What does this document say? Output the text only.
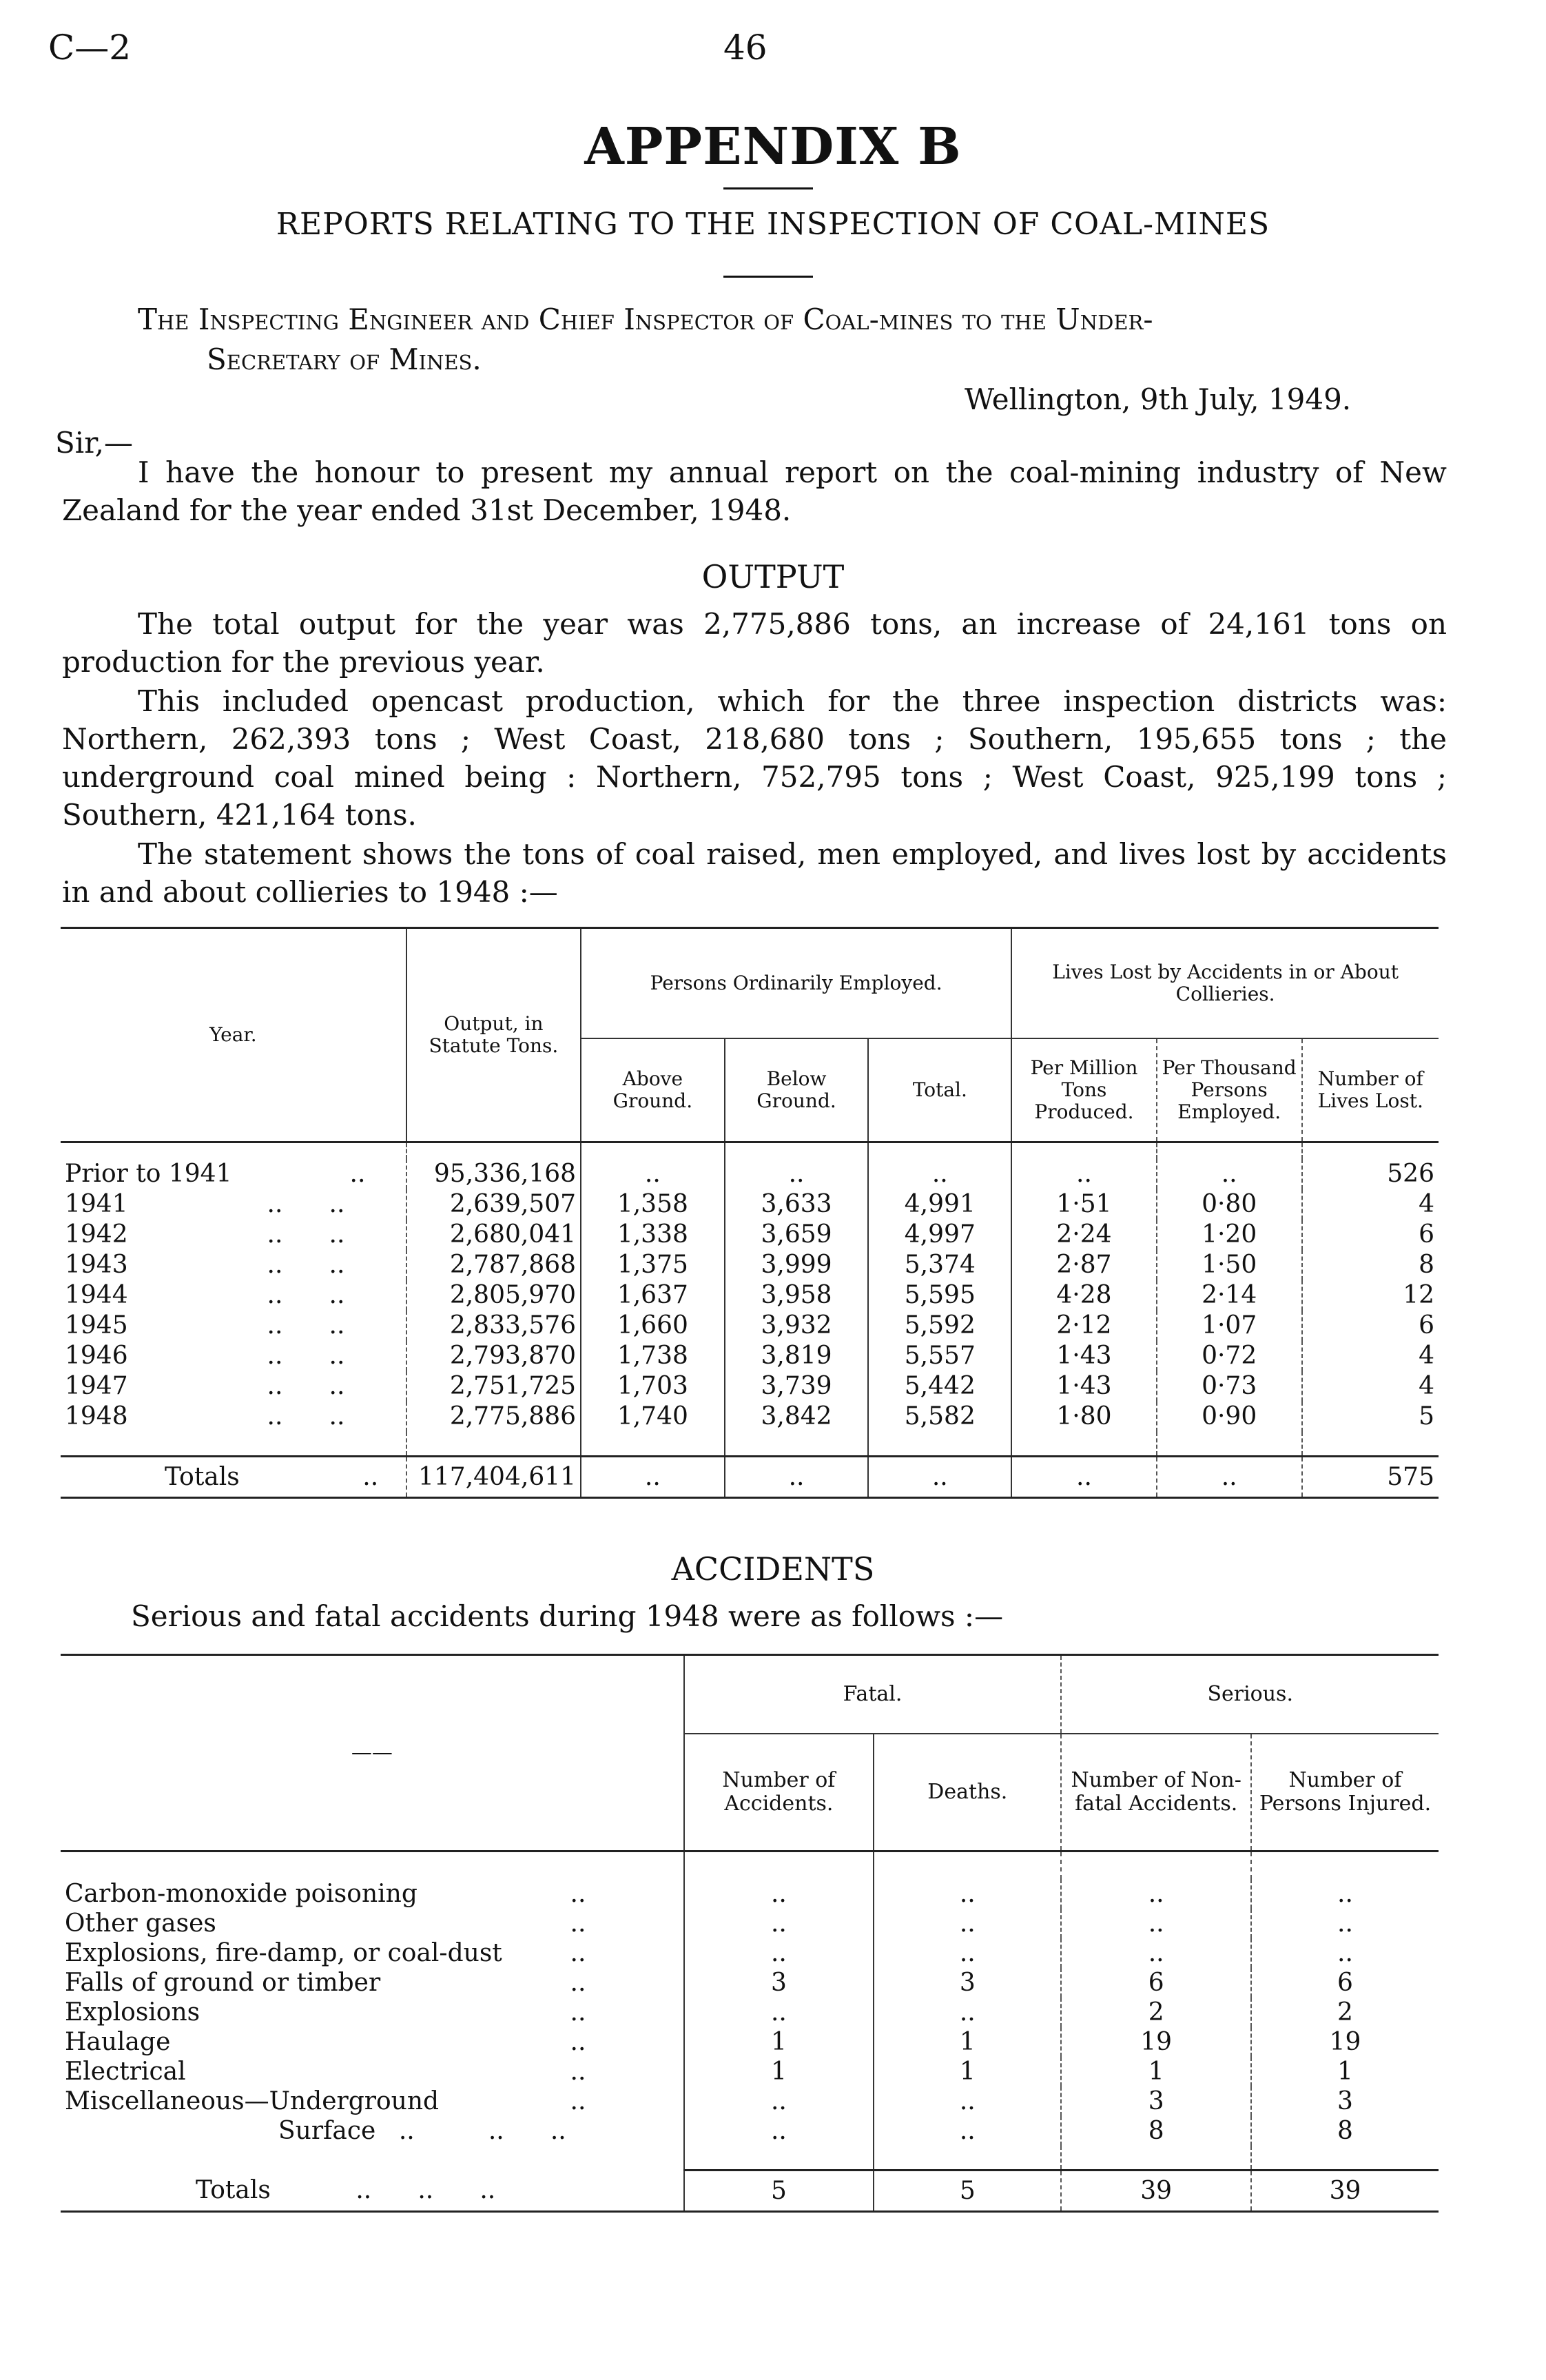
C—2	46
APPENDIX B
REPORTS RELATING TO THE INSPECTION OF COAL-MINES
The Inspecting Engineer and Chief Inspector of Coal-mines to the Under-

Secretary of Mines.
Wellington, 9th July, 1949.
Sir,—
I have the honour to present my annual report on the coal-mining industry of New Zealand for the year ended 31st December, 1948.
OUTPUT
The total output for the year was 2,775,886 tons, an increase of 24,161 tons on production for the previous year.
This included opencast production, which for the three inspection districts was: Northern, 262,393 tons ; West Coast, 218,680 tons ; Southern, 195,655 tons ; the underground coal mined being : Northern, 752,795 tons ; West Coast, 925,199 tons ; Southern, 421,164 tons.
The statement shows the tons of coal raised, men employed, and lives lost by accidents in and about collieries to 1948 :—
Year.	Output, in Statute Tons.	Persons Ordinarily Employed.			Lives Lost by Accidents in or About Collieries.		
		Above Ground.	Below Ground.	Total.	Per Million Tons Produced.	Per Thousand Persons Employed.	Number of Lives Lost.

Prior to 1941 ..	95,336,168	..	..	..	..	..	526
1941 .. ..	2,639,507	1,358	3,633	4,991	1·51	0·80	4
1942 .. ..	2,680,041	1,338	3,659	4,997	2·24	1·20	6
1943 .. ..	2,787,868	1,375	3,999	5,374	2·87	1·50	8
1944 .. ..	2,805,970	1,637	3,958	5,595	4·28	2·14	12
1945 .. ..	2,833,576	1,660	3,932	5,592	2·12	1·07	6
1946 .. ..	2,793,870	1,738	3,819	5,557	1·43	0·72	4
1947 .. ..	2,751,725	1,703	3,739	5,442	1·43	0·73	4
1948 .. ..	2,775,886	1,740	3,842	5,582	1·80	0·90	5

Totals ..	117,404,611	..	..	..	..	..	575
ACCIDENTS
Serious and fatal accidents during 1948 were as follows :—
——	Fatal.		Serious.	
	Number of Accidents.	Deaths.	Number of Non-fatal Accidents.	Number of Persons Injured.

Carbon-monoxide poisoning ..	..	..	..	..
Other gases ..	..	..	..	..
Explosions, fire-damp, or coal-dust ..	..	..	..	..
Falls of ground or timber ..	3	3	6	6
Explosions ..	..	..	2	2
Haulage ..	1	1	19	19
Electrical ..	1	1	1	1
Miscellaneous—Underground ..	..	..	3	3
Surface .. .. ..	..	..	8	8

Totals .. .. ..	5	5	39	39
